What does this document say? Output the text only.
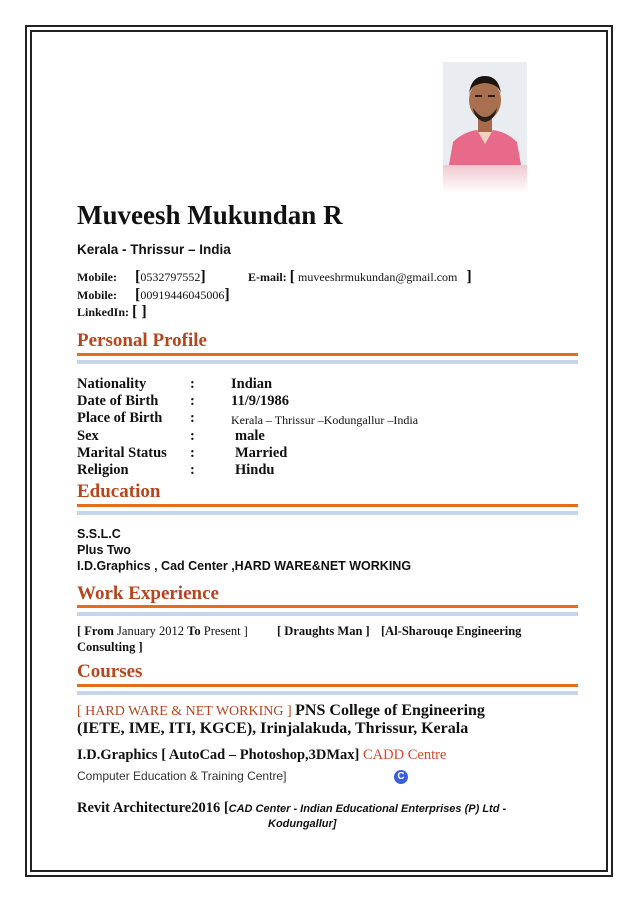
Muveesh Mukundan R
Kerala - Thrissur – India
Mobile: [0532797552]	E-mail: [ muveeshrmukundan@gmail.com ]
Mobile: [00919446045006]
LinkedIn: [ ]
Personal Profile
Nationality	: Indian
Date of Birth : 11/9/1986
Place of Birth :	Kerala – Thrissur –Kodungallur –India
Sex	:	male
Marital Status :	Married
Religion	:	Hindu
Education
S.S.L.C
Plus Two
I.D.Graphics , Cad Center ,HARD WARE&NET WORKING
Work Experience
[ From January 2012 To Present ] [ Draughts Man ] [Al-Sharouqe Engineering
Consulting ]
Courses
[ HARD WARE & NET WORKING ] PNS College of Engineering
(IETE, IME, ITI, KGCE), Irinjalakuda, Thrissur, Kerala
I.D.Graphics [ AutoCad – Photoshop,3DMax] CADD Centre
Computer Education & Training Centre]	C
Revit Architecture2016 [CAD Center - Indian Educational Enterprises (P) Ltd -
Kodungallur]
